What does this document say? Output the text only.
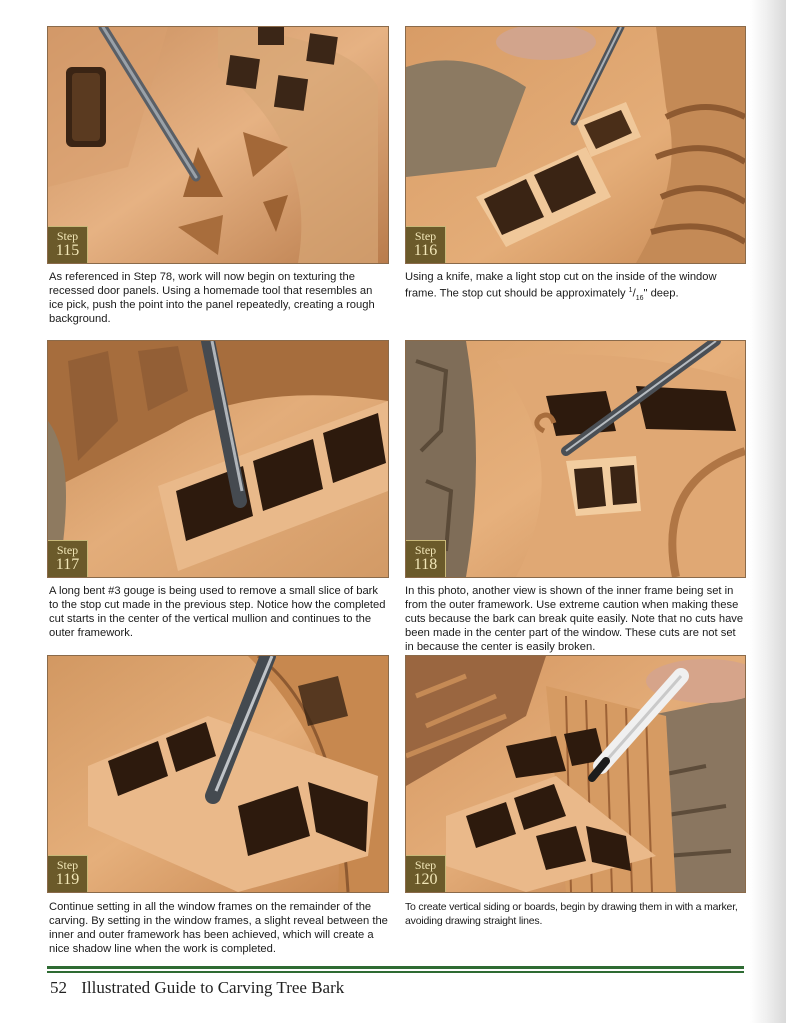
Step
115

As referenced in Step 78, work will now begin on texturing the recessed door panels. Using a homemade tool that resembles an ice pick, push the point into the panel repeatedly, creating a rough background.

Step
116

Using a knife, make a light stop cut on the inside of the window frame. The stop cut should be approximately $^1/_{16}$" deep.

Step
117

A long bent #3 gouge is being used to remove a small slice of bark to the stop cut made in the previous step. Notice how the completed cut starts in the center of the vertical mullion and continues to the outer framework.

Step
118

In this photo, another view is shown of the inner frame being set in from the outer framework. Use extreme caution when making these cuts because the bark can break quite easily. Note that no cuts have been made in the center part of the window. These cuts are not set in because the center is easily broken.

Step
119

Continue setting in all the window frames on the remainder of the carving. By setting in the window frames, a slight reveal between the inner and outer framework has been achieved, which will create a nice shadow line when the work is completed.

Step
120

To create vertical siding or boards, begin by drawing them in with a marker, avoiding drawing straight lines.

52 Illustrated Guide to Carving Tree Bark
